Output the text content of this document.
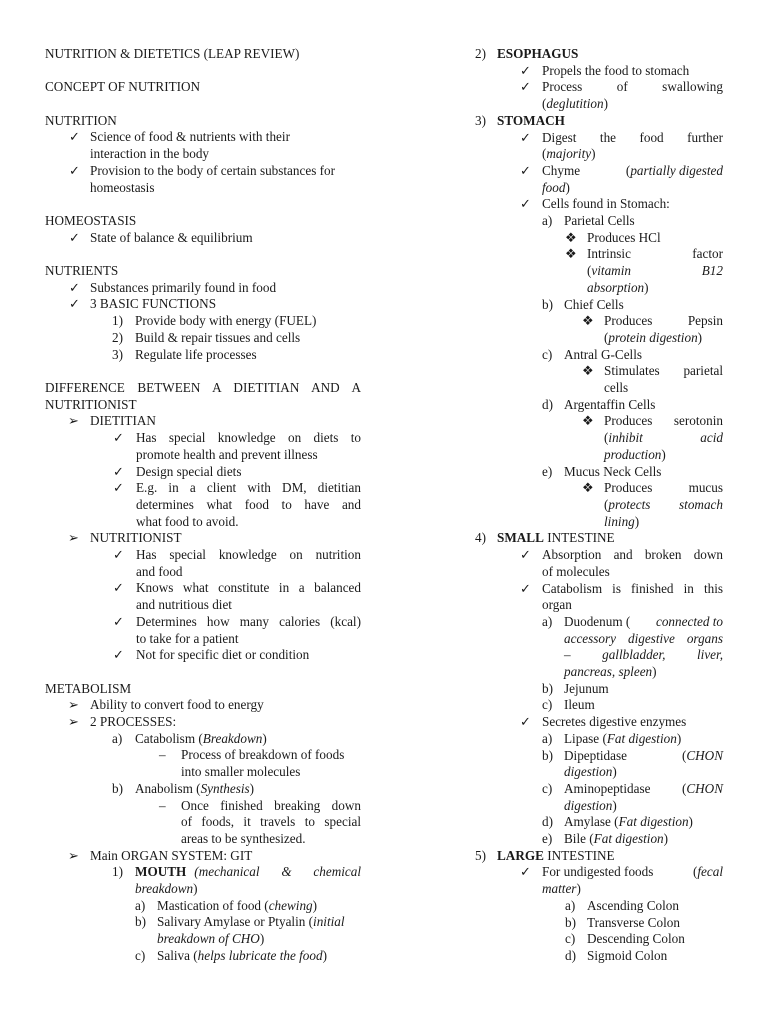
NUTRITION & DIETETICS (LEAP REVIEW)
CONCEPT OF NUTRITION
NUTRITION
✓ Science of food & nutrients with their
interaction in the body
✓ Provision to the body of certain substances for
homeostasis
HOMEOSTASIS
✓ State of balance & equilibrium
NUTRIENTS
✓ Substances primarily found in food
✓ 3 BASIC FUNCTIONS
1) Provide body with energy (FUEL)
2) Build & repair tissues and cells
3) Regulate life processes
DIFFERENCE BETWEEN A DIETITIAN AND A
NUTRITIONIST
➢ DIETITIAN
✓ Has special knowledge on diets to
promote health and prevent illness
✓ Design special diets
✓ E.g. in a client with DM, dietitian
determines what food to have and
what food to avoid.
➢ NUTRITIONIST
✓ Has special knowledge on nutrition
and food
✓ Knows what constitute in a balanced
and nutritious diet
✓ Determines how many calories (kcal)
to take for a patient
✓ Not for specific diet or condition
METABOLISM
➢ Ability to convert food to energy
➢ 2 PROCESSES:
a) Catabolism (Breakdown)
– Process of breakdown of foods
into smaller molecules
b) Anabolism (Synthesis)
– Once finished breaking down
of foods, it travels to special
areas to be synthesized.
➢ Main ORGAN SYSTEM: GIT
1) MOUTH (mechanical & chemical
breakdown)
a) Mastication of food (chewing)
b) Salivary Amylase or Ptyalin (initial
breakdown of CHO)
c) Saliva (helps lubricate the food)
2) ESOPHAGUS
✓ Propels the food to stomach
✓ Process of swallowing
(deglutition)
3) STOMACH
✓ Digest the food further
(majority)
✓ Chyme	(partially digested
food)
✓ Cells found in Stomach:
a) Parietal Cells
❖ Produces HCl
❖ Intrinsic factor
( vitamin B12
absorption)
b) Chief Cells
❖ Produces Pepsin
(protein digestion)
c) Antral G-Cells
❖ Stimulates parietal
cells
d) Argentaffin Cells
❖ Produces serotonin
( inhibit acid
production)
e) Mucus Neck Cells
❖ Produces mucus
( protects stomach
lining)
4) SMALL INTESTINE
✓ Absorption and broken down
of molecules
✓ Catabolism is finished in this
organ
a) Duodenum ( connected to
accessory digestive organs
– gallbladder, liver,
pancreas, spleen)
b) Jejunum
c) Ileum
✓ Secretes digestive enzymes
a) Lipase (Fat digestion)
b) Dipeptidase	(CHON
digestion)
c) Aminopeptidase (CHON
digestion)
d) Amylase (Fat digestion)
e) Bile (Fat digestion)
5) LARGE INTESTINE
✓ For undigested foods	(fecal
matter)
a) Ascending Colon
b) Transverse Colon
c) Descending Colon
d) Sigmoid Colon
